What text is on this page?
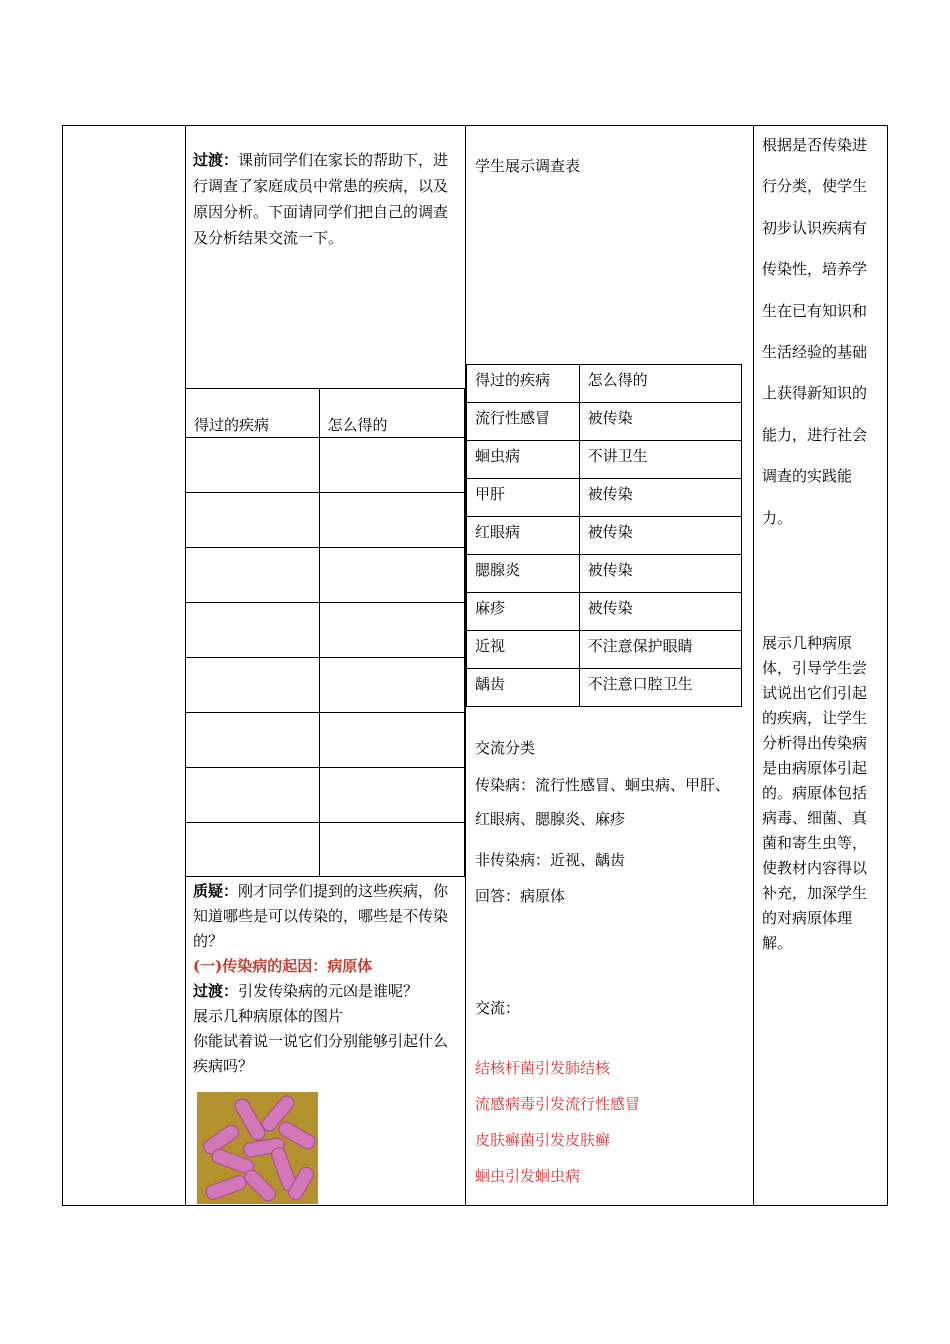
过渡：课前同学们在家长的帮助下，进行调查了家庭成员中常患的疾病，以及原因分析。下面请同学们把自己的调查及分析结果交流一下。
得过的疾病	怎么得的

质疑：刚才同学们提到的这些疾病，你知道哪些是可以传染的，哪些是不传染的？
(一)传染病的起因：病原体
过渡：引发传染病的元凶是谁呢？
展示几种病原体的图片
你能试着说一说它们分别能够引起什么疾病吗？
学生展示调查表
得过的疾病	怎么得的
流行性感冒	被传染
蛔虫病	不讲卫生
甲肝	被传染
红眼病	被传染
腮腺炎	被传染
麻疹	被传染
近视	不注意保护眼睛
龋齿	不注意口腔卫生
交流分类
传染病：流行性感冒、蛔虫病、甲肝、红眼病、腮腺炎、麻疹
非传染病：近视、龋齿
回答：病原体
交流：
结核杆菌引发肺结核
流感病毒引发流行性感冒
皮肤癣菌引发皮肤癣
蛔虫引发蛔虫病
根据是否传染进
行分类，使学生
初步认识疾病有
传染性，培养学
生在已有知识和
生活经验的基础
上获得新知识的
能力，进行社会
调查的实践能
力。
展示几种病原
体，引导学生尝
试说出它们引起
的疾病，让学生
分析得出传染病
是由病原体引起
的。病原体包括
病毒、细菌、真
菌和寄生虫等，
使教材内容得以
补充，加深学生
的对病原体理
解。
